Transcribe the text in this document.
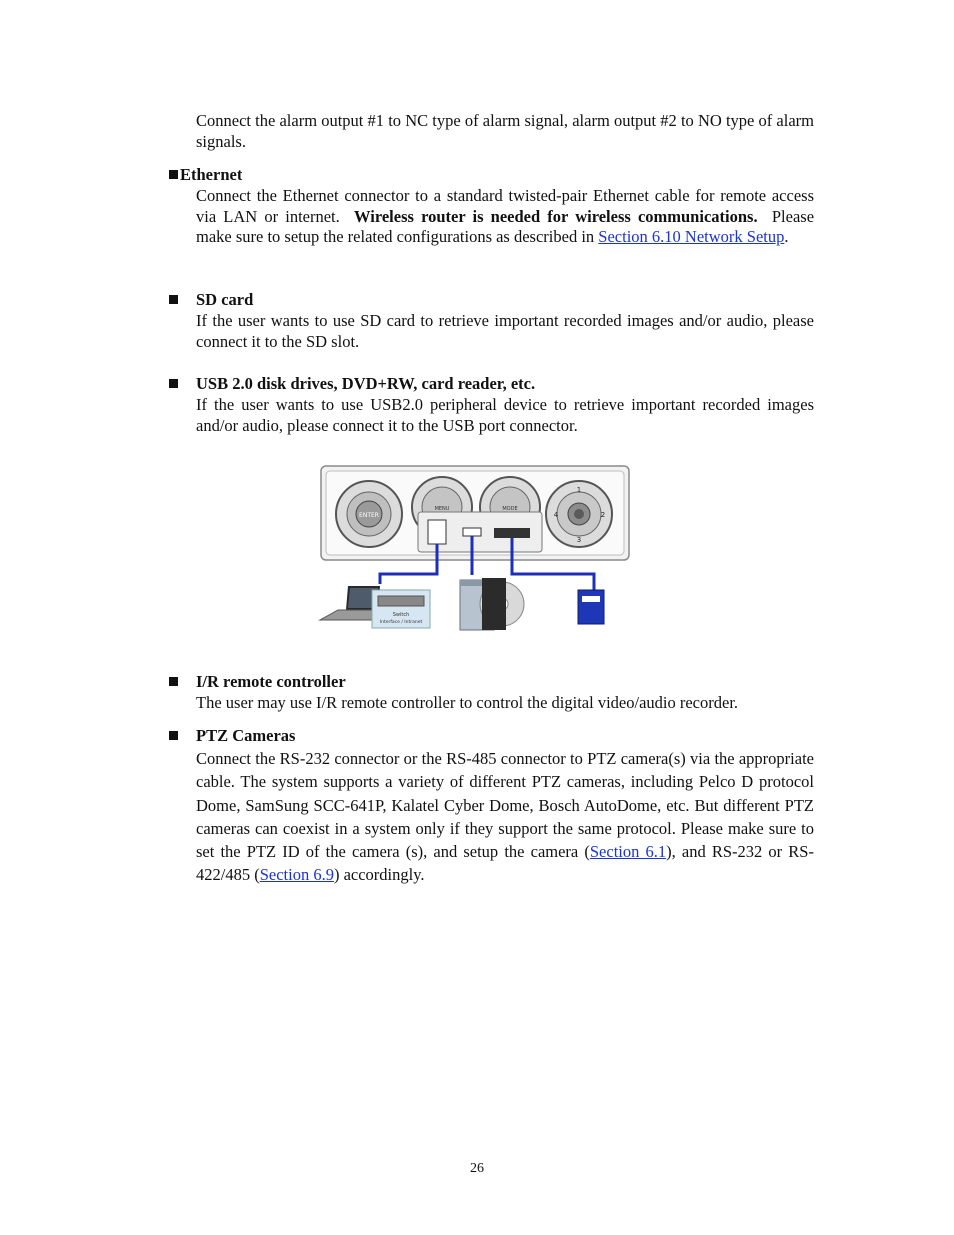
Connect the alarm output #1 to NC type of alarm signal, alarm output #2 to NO type of alarm signals.

Ethernet

Connect the Ethernet connector to a standard twisted-pair Ethernet cable for remote access via LAN or internet. Wireless router is needed for wireless communications. Please make sure to setup the related configurations as described in Section 6.10 Network Setup.

SD card

If the user wants to use SD card to retrieve important recorded images and/or audio, please connect it to the SD slot.

USB 2.0 disk drives, DVD+RW, card reader, etc.

If the user wants to use USB2.0 peripheral device to retrieve important recorded images and/or audio, please connect it to the USB port connector.

ENTER
MENU	MODE
1
2
3
4
Switch
Interface / Intranet
I/R remote controller

The user may use I/R remote controller to control the digital video/audio recorder.

PTZ Cameras

Connect the RS-232 connector or the RS-485 connector to PTZ camera(s) via the appropriate cable. The system supports a variety of different PTZ cameras, including Pelco D protocol Dome, SamSung SCC-641P, Kalatel Cyber Dome, Bosch AutoDome, etc. But different PTZ cameras can coexist in a system only if they support the same protocol. Please make sure to set the PTZ ID of the camera (s), and setup the camera (Section 6.1), and RS-232 or RS-422/485 (Section 6.9) accordingly.

26
